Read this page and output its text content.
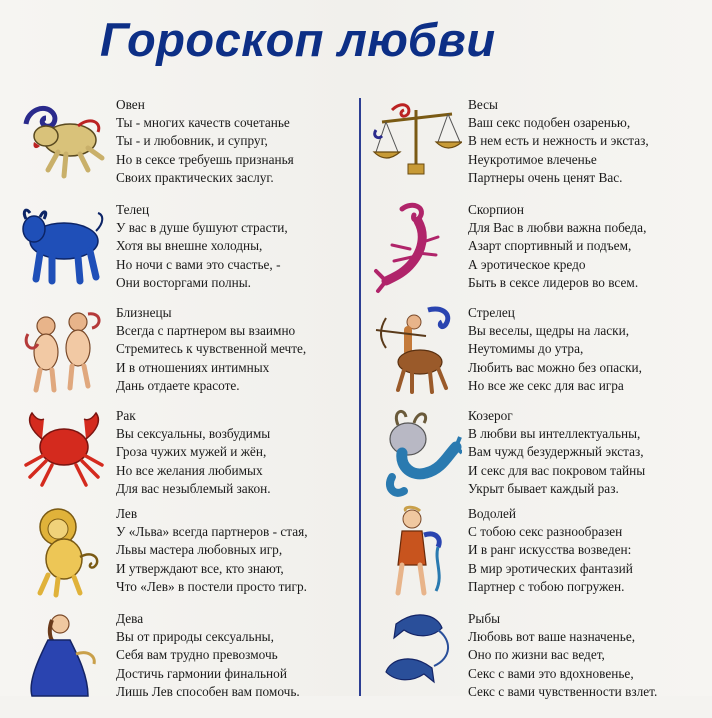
Гороскоп любви
Овен
Ты - многих качеств сочетанье
Ты - и любовник, и супруг,
Но в сексе требуешь признанья
Своих практических заслуг.
Телец
У вас в душе бушуют страсти,
Хотя вы внешне холодны,
Но ночи с вами это счастье, -
Они восторгами полны.
Близнецы
Всегда с партнером вы взаимно
Стремитесь к чувственной мечте,
И в отношениях интимных
Дань отдаете красоте.
Рак
Вы сексуальны, возбудимы
Гроза чужих мужей и жён,
Но все желания любимых
Для вас незыблемый закон.
Лев
У «Льва» всегда партнеров - стая,
Львы мастера любовных игр,
И утверждают все, кто знают,
Что «Лев» в постели просто тигр.
Дева
Вы от природы сексуальны,
Себя вам трудно превозмочь
Достичь гармонии финальной
Лишь Лев способен вам помочь.
Весы
Ваш секс подобен озаренью,
В нем есть и нежность и экстаз,
Неукротимое влеченье
Партнеры очень ценят Вас.
Скорпион
Для Вас в любви важна победа,
Азарт спортивный и подъем,
А эротическое кредо
Быть в сексе лидеров во всем.
Стрелец
Вы веселы, щедры на ласки,
Неутомимы до утра,
Любить вас можно без опаски,
Но все же секс для вас игра
Козерог
В любви вы интеллектуальны,
Вам чужд безудержный экстаз,
И секс для вас покровом тайны
Укрыт бывает каждый раз.
Водолей
С тобою секс разнообразен
И в ранг искусства возведен:
В мир эротических фантазий
Партнер с тобою погружен.
Рыбы
Любовь вот ваше назначенье,
Оно по жизни вас ведет,
Секс с вами это вдохновенье,
Секс с вами чувственности взлет.
